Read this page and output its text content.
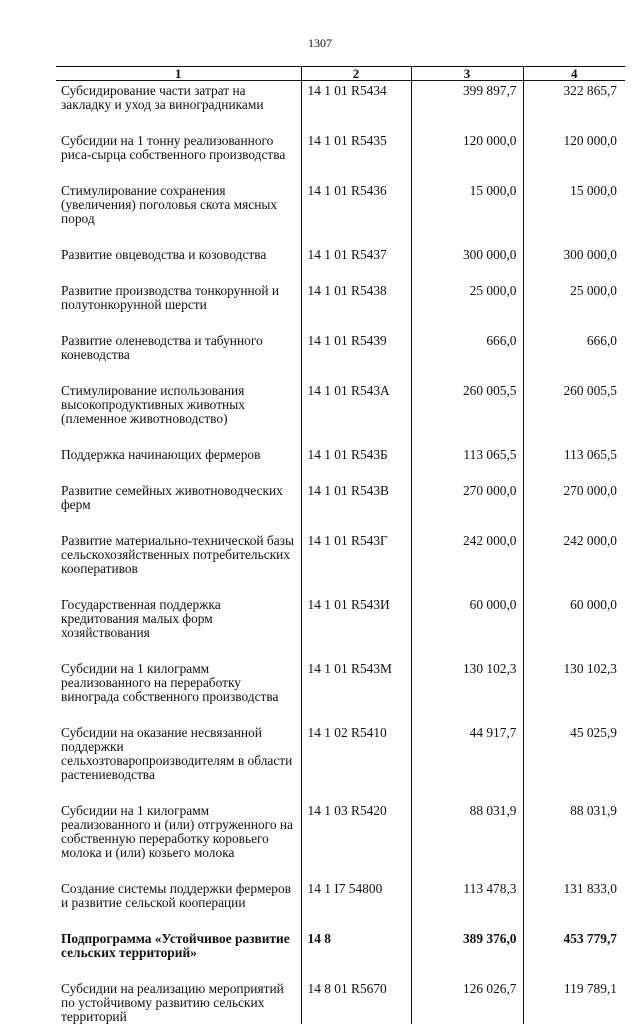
1307
1	2	3	4
Субсидирование части затрат на закладку и уход за виноградниками	14 1 01 R5434	399 897,7	322 865,7
Субсидии на 1 тонну реализованного риса-сырца собственного производства	14 1 01 R5435	120 000,0	120 000,0
Стимулирование сохранения (увеличения) поголовья скота мясных пород	14 1 01 R5436	15 000,0	15 000,0
Развитие овцеводства и козоводства	14 1 01 R5437	300 000,0	300 000,0
Развитие производства тонкорунной и полутонкорунной шерсти	14 1 01 R5438	25 000,0	25 000,0
Развитие оленеводства и табунного коневодства	14 1 01 R5439	666,0	666,0
Стимулирование использования высокопродуктивных животных (племенное животноводство)	14 1 01 R543А	260 005,5	260 005,5
Поддержка начинающих фермеров	14 1 01 R543Б	113 065,5	113 065,5
Развитие семейных животноводческих ферм	14 1 01 R543В	270 000,0	270 000,0
Развитие материально-технической базы сельскохозяйственных потребительских кооперативов	14 1 01 R543Г	242 000,0	242 000,0
Государственная поддержка кредитования малых форм хозяйствования	14 1 01 R543И	60 000,0	60 000,0
Субсидии на 1 килограмм реализованного на переработку винограда собственного производства	14 1 01 R543М	130 102,3	130 102,3
Субсидии на оказание несвязанной поддержки сельхозтоваропроизводителям в области растениеводства	14 1 02 R5410	44 917,7	45 025,9
Субсидии на 1 килограмм реализованного и (или) отгруженного на собственную переработку коровьего молока и (или) козьего молока	14 1 03 R5420	88 031,9	88 031,9
Создание системы поддержки фермеров и развитие сельской кооперации	14 1 I7 54800	113 478,3	131 833,0
Подпрограмма «Устойчивое развитие сельских территорий»	14 8	389 376,0	453 779,7
Субсидии на реализацию мероприятий по устойчивому развитию сельских территорий	14 8 01 R5670	126 026,7	119 789,1
